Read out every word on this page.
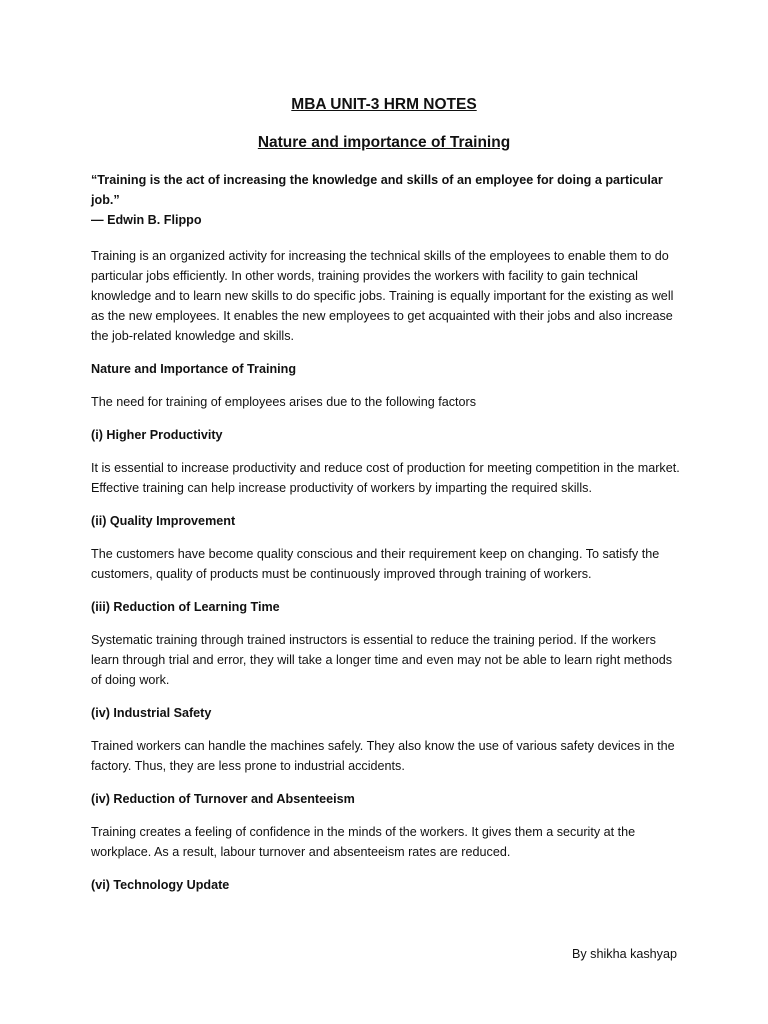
MBA UNIT-3 HRM NOTES
Nature and importance of Training

“Training is the act of increasing the knowledge and skills of an employee for doing a particular job.”
— Edwin B. Flippo

Training is an organized activity for increasing the technical skills of the employees to enable them to do particular jobs efficiently. In other words, training provides the workers with facility to gain technical knowledge and to learn new skills to do specific jobs. Training is equally important for the existing as well as the new employees. It enables the new employees to get acquainted with their jobs and also increase the job-related knowledge and skills.

Nature and Importance of Training

The need for training of employees arises due to the following factors

(i) Higher Productivity

It is essential to increase productivity and reduce cost of production for meeting competition in the market. Effective training can help increase productivity of workers by imparting the required skills.

(ii) Quality Improvement

The customers have become quality conscious and their requirement keep on changing. To satisfy the customers, quality of products must be continuously improved through training of workers.

(iii) Reduction of Learning Time

Systematic training through trained instructors is essential to reduce the training period. If the workers learn through trial and error, they will take a longer time and even may not be able to learn right methods of doing work.

(iv) Industrial Safety

Trained workers can handle the machines safely. They also know the use of various safety devices in the factory. Thus, they are less prone to industrial accidents.

(iv) Reduction of Turnover and Absenteeism

Training creates a feeling of confidence in the minds of the workers. It gives them a security at the workplace. As a result, labour turnover and absenteeism rates are reduced.

(vi) Technology Update

By shikha kashyap
